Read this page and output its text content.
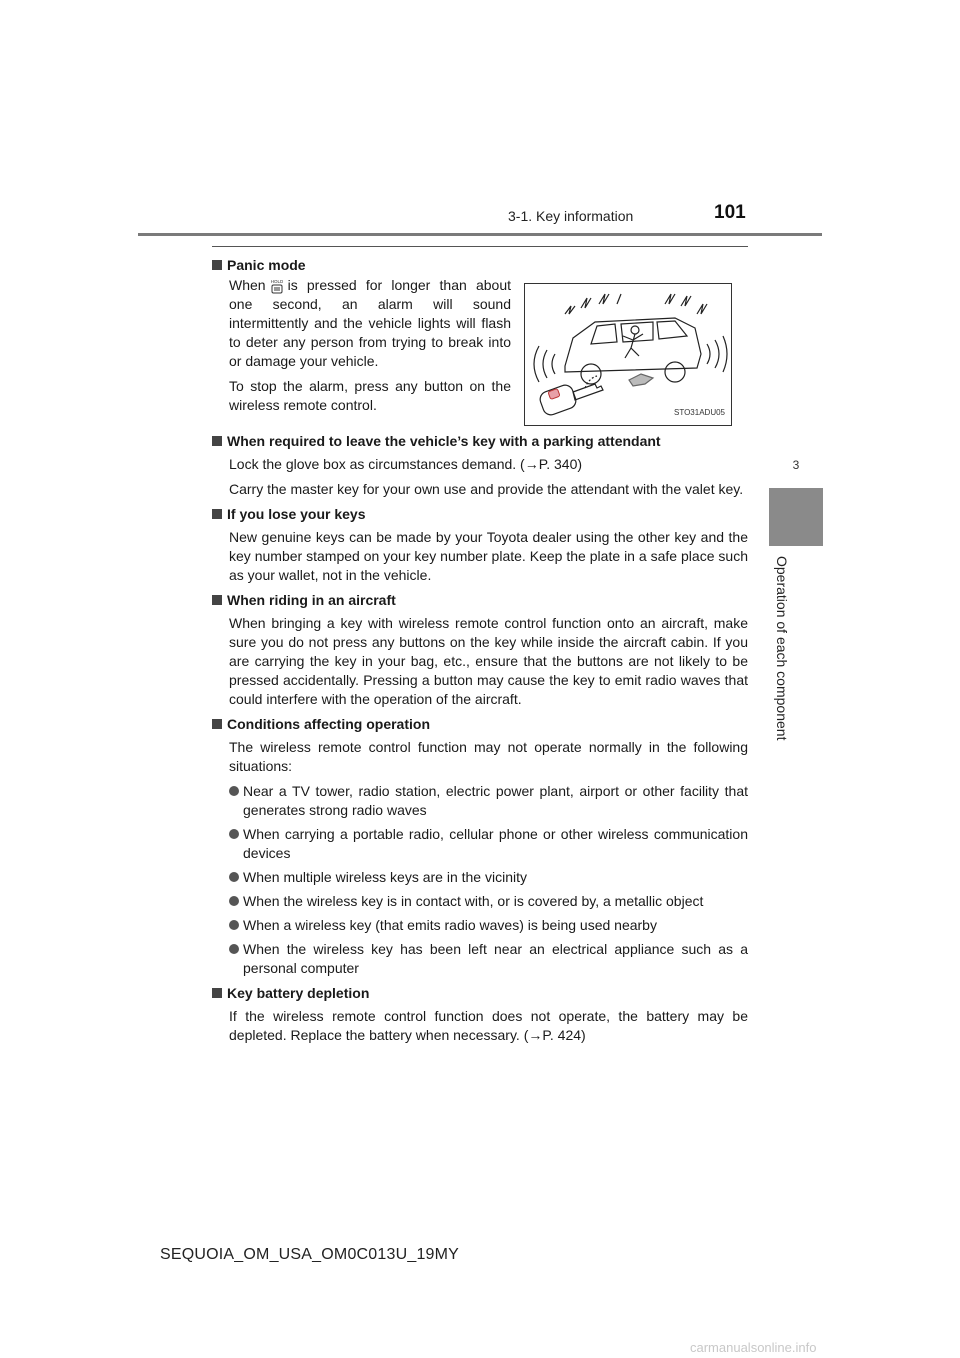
3-1. Key information	101
3
Operation of each component
Panic mode

When HOLD is pressed for longer than about one second, an alarm will sound intermittently and the vehicle lights will flash to deter any person from trying to break into or damage your vehicle.

To stop the alarm, press any button on the wireless remote control.	STO31ADU05
When required to leave the vehicle’s key with a parking attendant

Lock the glove box as circumstances demand. (→P. 340)

Carry the master key for your own use and provide the attendant with the valet key.

If you lose your keys

New genuine keys can be made by your Toyota dealer using the other key and the key number stamped on your key number plate. Keep the plate in a safe place such as your wallet, not in the vehicle.

When riding in an aircraft

When bringing a key with wireless remote control function onto an aircraft, make sure you do not press any buttons on the key while inside the aircraft cabin. If you are carrying the key in your bag, etc., ensure that the buttons are not likely to be pressed accidentally. Pressing a button may cause the key to emit radio waves that could interfere with the operation of the aircraft.

Conditions affecting operation

The wireless remote control function may not operate normally in the following situations:

Near a TV tower, radio station, electric power plant, airport or other facility that generates strong radio waves
When carrying a portable radio, cellular phone or other wireless communication devices
When multiple wireless keys are in the vicinity
When the wireless key is in contact with, or is covered by, a metallic object
When a wireless key (that emits radio waves) is being used nearby
When the wireless key has been left near an electrical appliance such as a personal computer
Key battery depletion

If the wireless remote control function does not operate, the battery may be depleted. Replace the battery when necessary. (→P. 424)

SEQUOIA_OM_USA_OM0C013U_19MY
carmanualsonline.info
